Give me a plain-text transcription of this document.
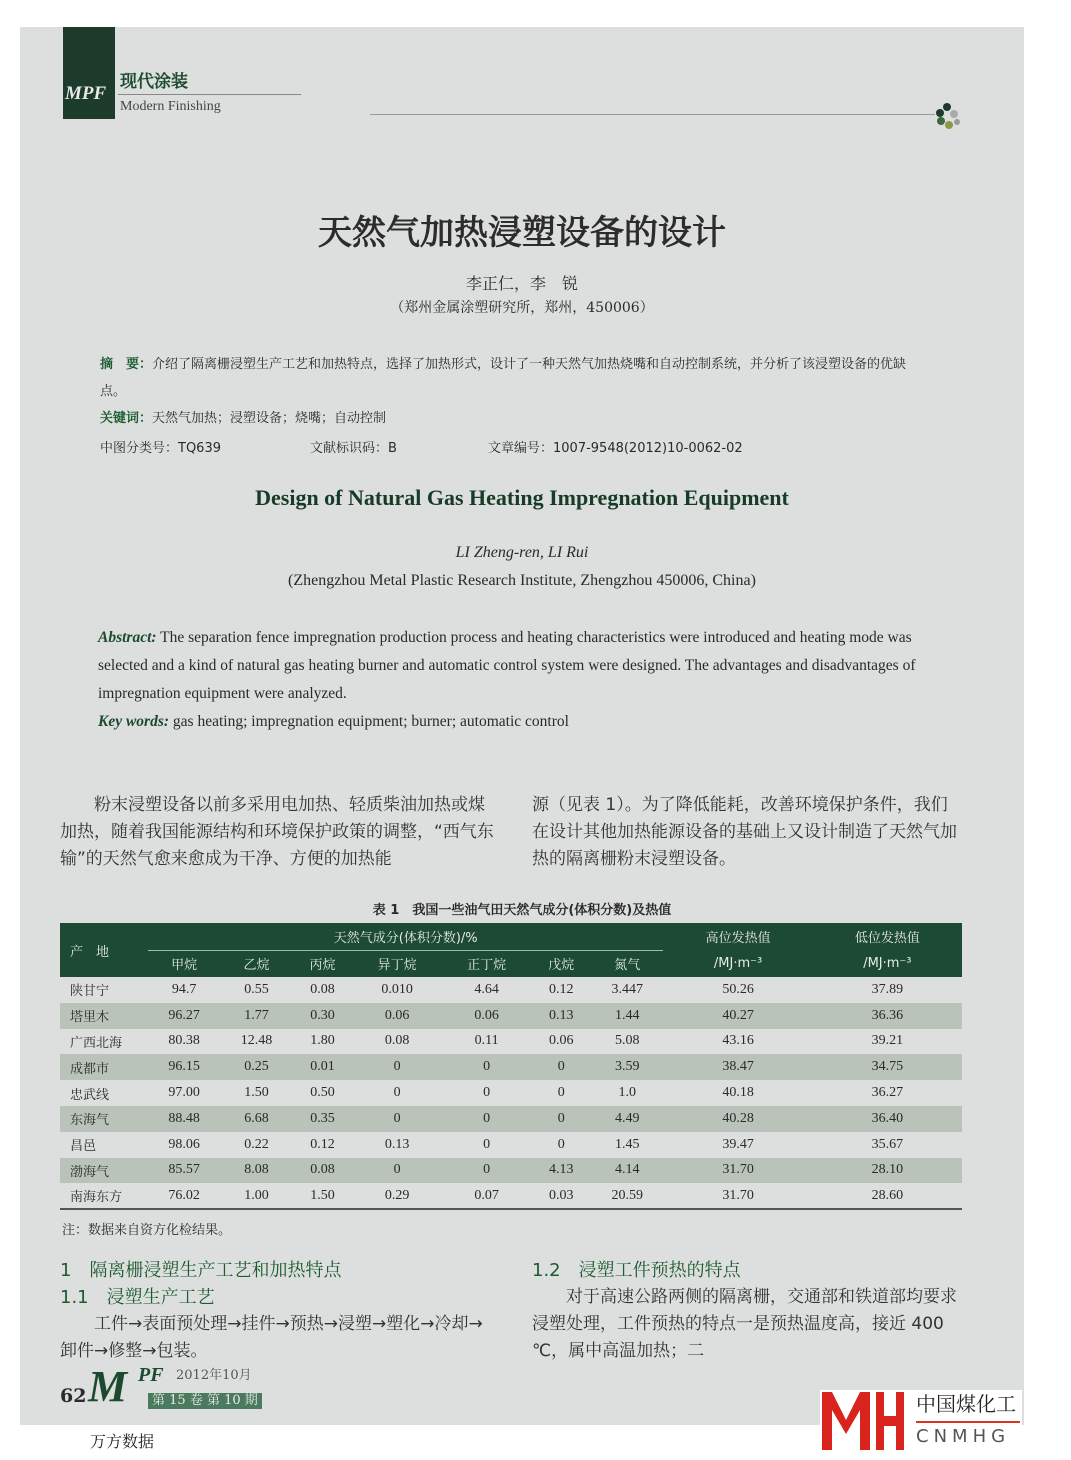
MPF
现代涂装
Modern Finishing
天然气加热浸塑设备的设计
李正仁，李　锐
（郑州金属涂塑研究所，郑州，450006）
摘　要：介绍了隔离栅浸塑生产工艺和加热特点，选择了加热形式，设计了一种天然气加热烧嘴和自动控制系统，并分析了该浸塑设备的优缺点。
关键词：天然气加热；浸塑设备；烧嘴；自动控制
中图分类号：TQ639	文献标识码：B	文章编号：1007-9548(2012)10-0062-02
Design of Natural Gas Heating Impregnation Equipment
LI Zheng-ren, LI Rui
(Zhengzhou Metal Plastic Research Institute, Zhengzhou 450006, China)
Abstract: The separation fence impregnation production process and heating characteristics were introduced and heating mode was selected and a kind of natural gas heating burner and automatic control system were designed. The advantages and disadvantages of impregnation equipment were analyzed.
Key words: gas heating; impregnation equipment; burner; automatic control
　　粉末浸塑设备以前多采用电加热、轻质柴油加热或煤加热，随着我国能源结构和环境保护政策的调整，“西气东输”的天然气愈来愈成为干净、方便的加热能
源（见表 1）。为了降低能耗，改善环境保护条件，我们在设计其他加热能源设备的基础上又设计制造了天然气加热的隔离栅粉末浸塑设备。
表 1　我国一些油气田天然气成分(体积分数)及热值
产　地	天然气成分(体积分数)/%							高位发热值	低位发热值
	甲烷	乙烷	丙烷	异丁烷	正丁烷	戊烷	氮气	/MJ·m⁻³	/MJ·m⁻³
陕甘宁	94.7	0.55	0.08	0.010	4.64	0.12	3.447	50.26	37.89
塔里木	96.27	1.77	0.30	0.06	0.06	0.13	1.44	40.27	36.36
广西北海	80.38	12.48	1.80	0.08	0.11	0.06	5.08	43.16	39.21
成都市	96.15	0.25	0.01	0	0	0	3.59	38.47	34.75
忠武线	97.00	1.50	0.50	0	0	0	1.0	40.18	36.27
东海气	88.48	6.68	0.35	0	0	0	4.49	40.28	36.40
昌邑	98.06	0.22	0.12	0.13	0	0	1.45	39.47	35.67
渤海气	85.57	8.08	0.08	0	0	4.13	4.14	31.70	28.10
南海东方	76.02	1.00	1.50	0.29	0.07	0.03	20.59	31.70	28.60
注：数据来自资方化检结果。
1　隔离栅浸塑生产工艺和加热特点
1.1　浸塑生产工艺
　　工件→表面预处理→挂件→预热→浸塑→塑化→冷却→卸件→修整→包装。
1.2　浸塑工件预热的特点
　　对于高速公路两侧的隔离栅，交通部和铁道部均要求浸塑处理，工件预热的特点一是预热温度高，接近 400 ℃，属中高温加热；二
62 M PF 2012年10月
第 15 卷 第 10 期
万方数据
中国煤化工
CNMHG
